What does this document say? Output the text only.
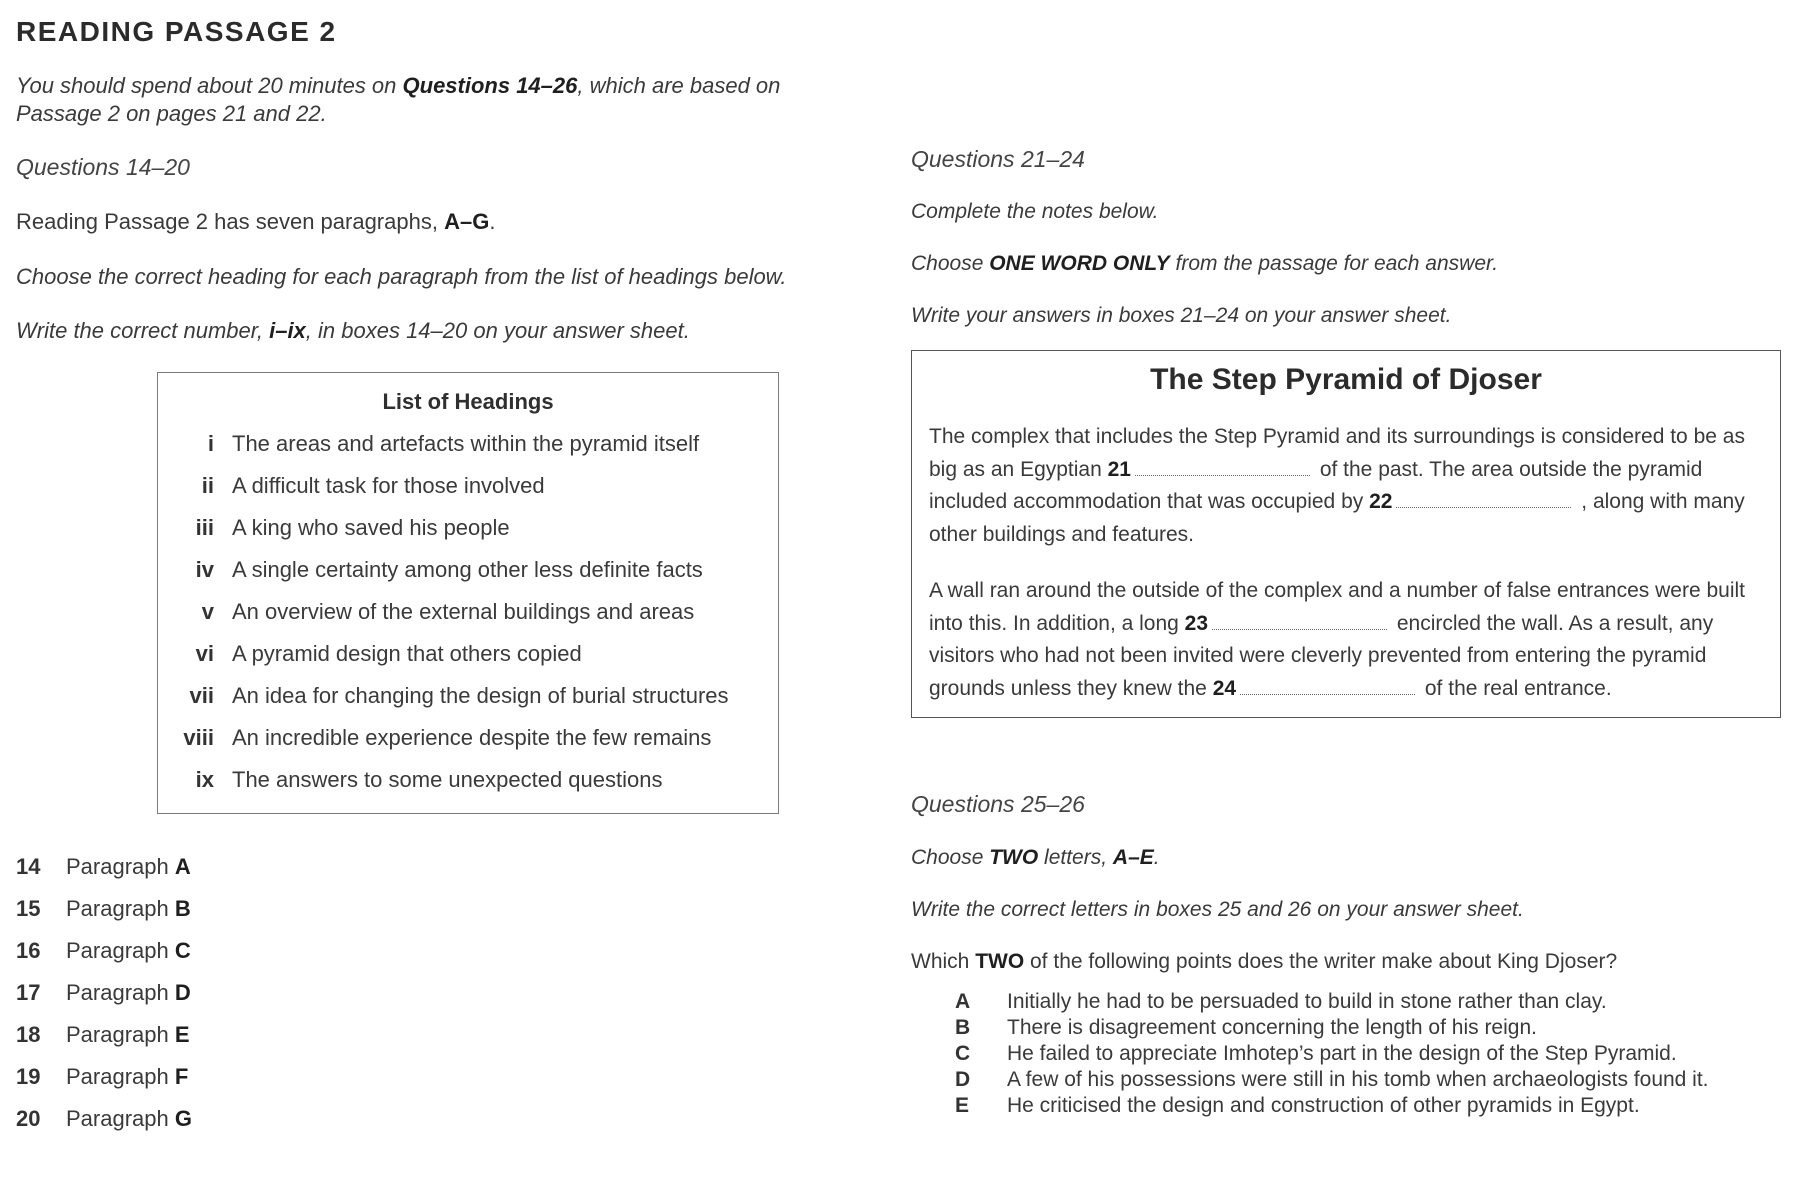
READING PASSAGE 2
You should spend about 20 minutes on Questions 14–26, which are based on Passage 2 on pages 21 and 22.
Questions 14–20
Reading Passage 2 has seven paragraphs, A–G.
Choose the correct heading for each paragraph from the list of headings below.
Write the correct number, i–ix, in boxes 14–20 on your answer sheet.
List of Headings
i The areas and artefacts within the pyramid itself
ii A difficult task for those involved
iii A king who saved his people
iv A single certainty among other less definite facts
v An overview of the external buildings and areas
vi A pyramid design that others copied
vii An idea for changing the design of burial structures
viii An incredible experience despite the few remains
ix The answers to some unexpected questions
14 Paragraph A
15 Paragraph B
16 Paragraph C
17 Paragraph D
18 Paragraph E
19 Paragraph F
20 Paragraph G
Questions 21–24
Complete the notes below.
Choose ONE WORD ONLY from the passage for each answer.
Write your answers in boxes 21–24 on your answer sheet.
The Step Pyramid of Djoser
The complex that includes the Step Pyramid and its surroundings is considered to be as big as an Egyptian 21	of the past. The area outside the pyramid included accommodation that was occupied by 22	, along with many other buildings and features.
A wall ran around the outside of the complex and a number of false entrances were built into this. In addition, a long 23	encircled the wall. As a result, any visitors who had not been invited were cleverly prevented from entering the pyramid grounds unless they knew the 24	of the real entrance.
Questions 25–26
Choose TWO letters, A–E.
Write the correct letters in boxes 25 and 26 on your answer sheet.
Which TWO of the following points does the writer make about King Djoser?
A Initially he had to be persuaded to build in stone rather than clay.
B There is disagreement concerning the length of his reign.
C He failed to appreciate Imhotep’s part in the design of the Step Pyramid.
D A few of his possessions were still in his tomb when archaeologists found it.
E He criticised the design and construction of other pyramids in Egypt.
